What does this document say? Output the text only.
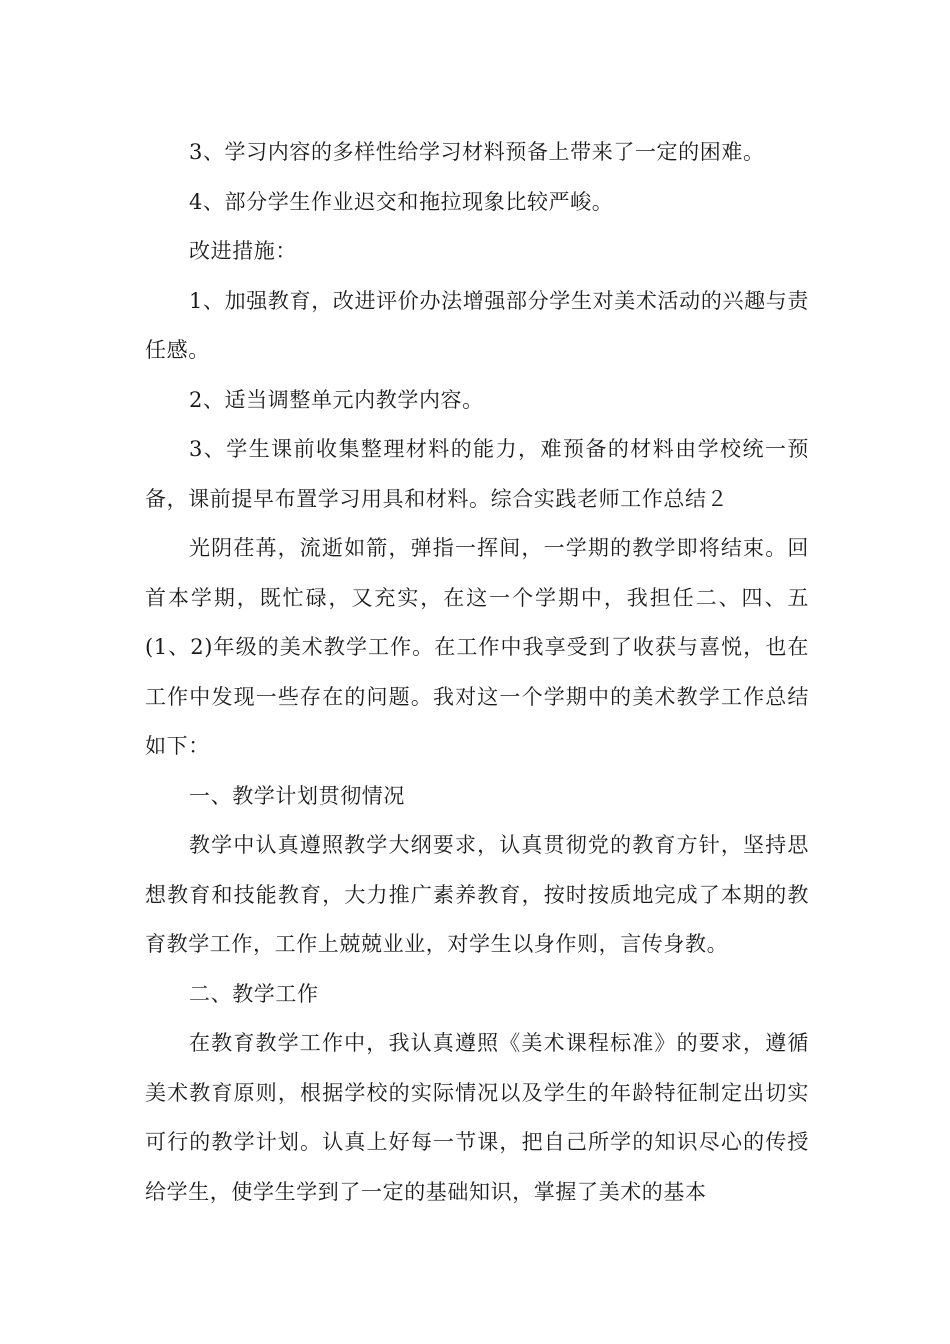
3、学习内容的多样性给学习材料预备上带来了一定的困难。

4、部分学生作业迟交和拖拉现象比较严峻。

改进措施：

1、加强教育，改进评价办法增强部分学生对美术活动的兴趣与责任感。

2、适当调整单元内教学内容。

3、学生课前收集整理材料的能力，难预备的材料由学校统一预备，课前提早布置学习用具和材料。综合实践老师工作总结２

光阴荏苒，流逝如箭，弹指一挥间，一学期的教学即将结束。回首本学期，既忙碌，又充实，在这一个学期中，我担任二、四、五(1、2)年级的美术教学工作。在工作中我享受到了收获与喜悦，也在工作中发现一些存在的问题。我对这一个学期中的美术教学工作总结如下：

一、教学计划贯彻情况

教学中认真遵照教学大纲要求，认真贯彻党的教育方针，坚持思想教育和技能教育，大力推广素养教育，按时按质地完成了本期的教育教学工作，工作上兢兢业业，对学生以身作则，言传身教。

二、教学工作

在教育教学工作中，我认真遵照《美术课程标准》的要求，遵循美术教育原则，根据学校的实际情况以及学生的年龄特征制定出切实可行的教学计划。认真上好每一节课，把自己所学的知识尽心的传授给学生，使学生学到了一定的基础知识，掌握了美术的基本
